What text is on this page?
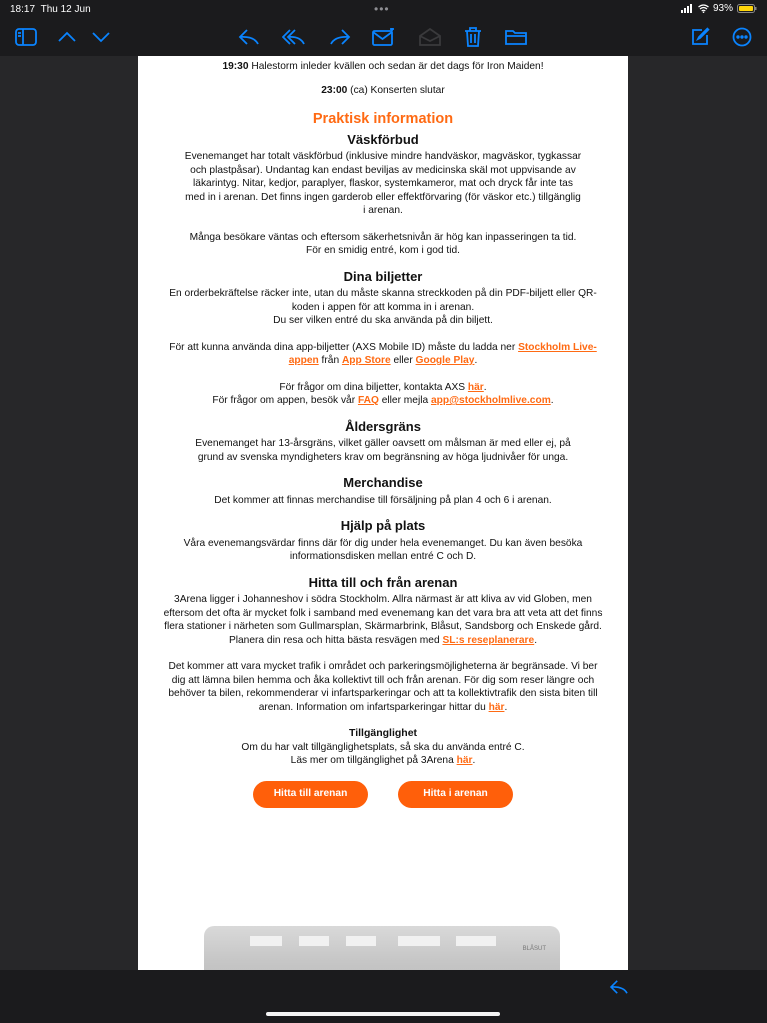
18:17 Thu 12 Jun	•••	93%

19:30 Halestorm inleder kvällen och sedan är det dags för Iron Maiden!

23:00 (ca) Konserten slutar

Praktisk information

Väskförbud

Evenemanget har totalt väskförbud (inklusive mindre handväskor, magväskor, tygkassar och plastpåsar). Undantag kan endast beviljas av medicinska skäl mot uppvisande av läkarintyg. Nitar, kedjor, paraplyer, flaskor, systemkameror, mat och dryck får inte tas med in i arenan. Det finns ingen garderob eller effektförvaring (för väskor etc.) tillgänglig i arenan.

Många besökare väntas och eftersom säkerhetsnivån är hög kan inpasseringen ta tid. För en smidig entré, kom i god tid.

Dina biljetter

En orderbekräftelse räcker inte, utan du måste skanna streckkoden på din PDF-biljett eller QR-koden i appen för att komma in i arenan.

Du ser vilken entré du ska använda på din biljett.

För att kunna använda dina app-biljetter (AXS Mobile ID) måste du ladda ner Stockholm Live-appen från App Store eller Google Play.

För frågor om dina biljetter, kontakta AXS här.

För frågor om appen, besök vår FAQ eller mejla app@stockholmlive.com.

Åldersgräns

Evenemanget har 13-årsgräns, vilket gäller oavsett om målsman är med eller ej, på grund av svenska myndigheters krav om begränsning av höga ljudnivåer för unga.

Merchandise

Det kommer att finnas merchandise till försäljning på plan 4 och 6 i arenan.

Hjälp på plats

Våra evenemangsvärdar finns där för dig under hela evenemanget. Du kan även besöka informationsdisken mellan entré C och D.

Hitta till och från arenan

3Arena ligger i Johanneshov i södra Stockholm. Allra närmast är att kliva av vid Globen, men eftersom det ofta är mycket folk i samband med evenemang kan det vara bra att veta att det finns flera stationer i närheten som Gullmarsplan, Skärmarbrink, Blåsut, Sandsborg och Enskede gård. Planera din resa och hitta bästa resvägen med SL:s reseplanerare.

Det kommer att vara mycket trafik i området och parkeringsmöjligheterna är begränsade. Vi ber dig att lämna bilen hemma och åka kollektivt till och från arenan. För dig som reser längre och behöver ta bilen, rekommenderar vi infartsparkeringar och att ta kollektivtrafik den sista biten till arenan. Information om infartsparkeringar hittar du här.

Tillgänglighet

Om du har valt tillgänglighetsplats, så ska du använda entré C.

Läs mer om tillgänglighet på 3Arena här.

Hitta till arenan	Hitta i arenan
BLÅSUT
